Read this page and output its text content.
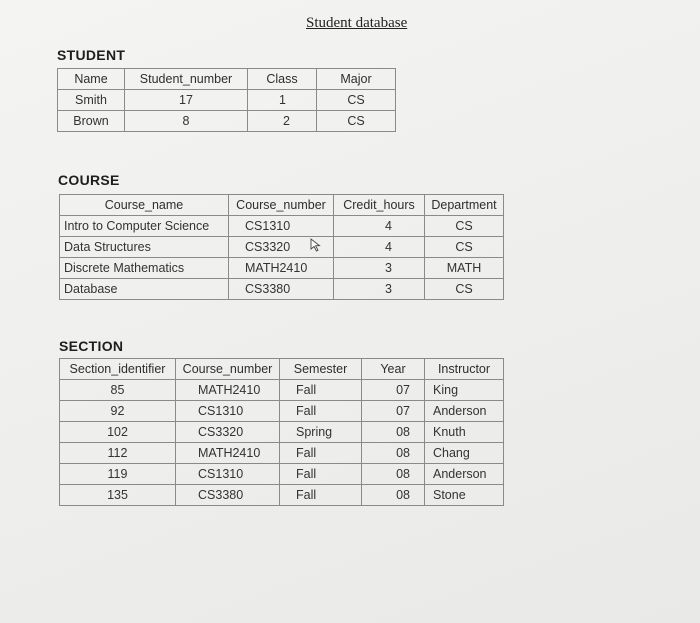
Student database
STUDENT
Name	Student_number	Class	Major
Smith	17	1	CS
Brown	8	2	CS
COURSE
Course_name	Course_number	Credit_hours	Department
Intro to Computer Science	CS1310	4	CS
Data Structures	CS3320	4	CS
Discrete Mathematics	MATH2410	3	MATH
Database	CS3380	3	CS
SECTION
Section_identifier	Course_number	Semester	Year	Instructor
85	MATH2410	Fall	07	King
92	CS1310	Fall	07	Anderson
102	CS3320	Spring	08	Knuth
112	MATH2410	Fall	08	Chang
119	CS1310	Fall	08	Anderson
135	CS3380	Fall	08	Stone
